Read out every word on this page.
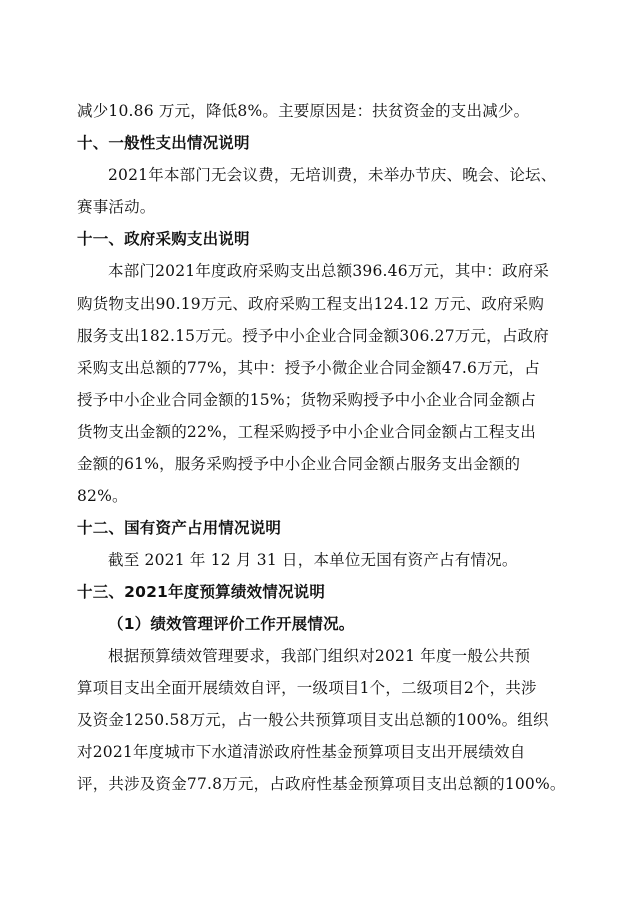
减少10.86 万元，降低8%。主要原因是：扶贫资金的支出减少。
十、一般性支出情况说明
2021年本部门无会议费，无培训费，未举办节庆、晚会、论坛、
赛事活动。
十一、政府采购支出说明
本部门2021年度政府采购支出总额396.46万元，其中：政府采
购货物支出90.19万元、政府采购工程支出124.12 万元、政府采购
服务支出182.15万元。授予中小企业合同金额306.27万元，占政府
采购支出总额的77%，其中：授予小微企业合同金额47.6万元，占
授予中小企业合同金额的15%；货物采购授予中小企业合同金额占
货物支出金额的22%，工程采购授予中小企业合同金额占工程支出
金额的61%，服务采购授予中小企业合同金额占服务支出金额的
82%。
十二、国有资产占用情况说明
截至 2021 年 12 月 31 日，本单位无国有资产占有情况。
十三、2021年度预算绩效情况说明
（1）绩效管理评价工作开展情况。
根据预算绩效管理要求，我部门组织对2021 年度一般公共预
算项目支出全面开展绩效自评，一级项目1个，二级项目2个，共涉
及资金1250.58万元，占一般公共预算项目支出总额的100%。组织
对2021年度城市下水道清淤政府性基金预算项目支出开展绩效自
评，共涉及资金77.8万元，占政府性基金预算项目支出总额的100%。
